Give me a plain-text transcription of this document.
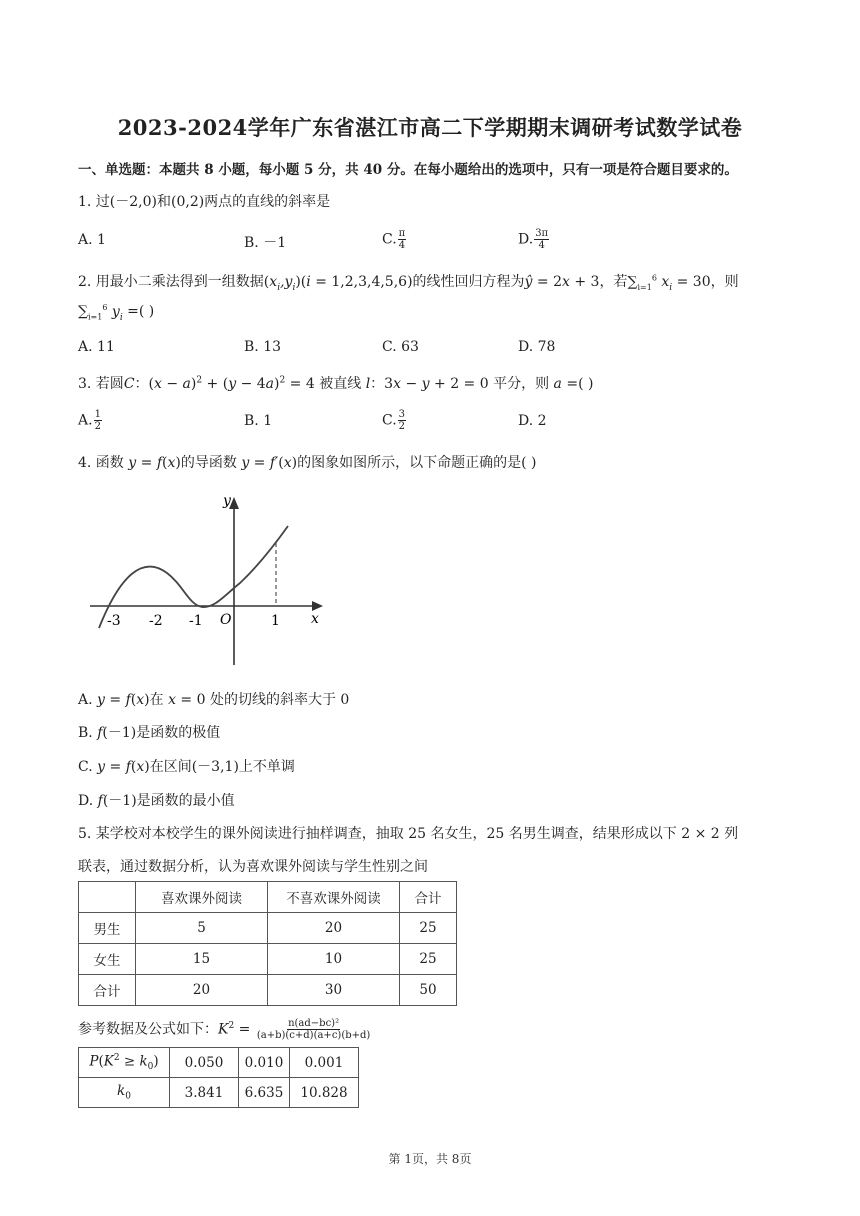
2023-2024学年广东省湛江市高二下学期期末调研考试数学试卷
一、单选题：本题共 8 小题，每小题 5 分，共 40 分。在每小题给出的选项中，只有一项是符合题目要求的。
1. 过(－2,0)和(0,2)两点的直线的斜率是
A. 1	B. －1	C. $\frac{\pi}{4}$	D. $\frac{3\pi}{4}$
2. 用最小二乘法得到一组数据$(x_i,y_i)(i = 1,2,3,4,5,6)$的线性回归方程为ŷ = 2x + 3，若$\sum_{i=1}^6$ $x_i = 30$，则
$\sum_{i=1}^6$ $y_i$ =( )
A. 11	B. 13	C. 63	D. 78
3. 若圆C：$(x - a)^2 + (y - 4a)^2 = 4$ 被直线 l：3x − y + 2 = 0 平分，则 a =( )
A. $\frac{1}{2}$	B. 1	C. $\frac{3}{2}$	D. 2
4. 函数 y = f(x)的导函数 y = f′(x)的图象如图所示，以下命题正确的是( )
y
x
O
-3 -2 -1	1
A. y = f(x)在 x = 0 处的切线的斜率大于 0
B. f(－1)是函数的极值
C. y = f(x)在区间(－3,1)上不单调
D. f(－1)是函数的最小值
5. 某学校对本校学生的课外阅读进行抽样调查，抽取 25 名女生，25 名男生调查，结果形成以下 2 × 2 列
联表，通过数据分析，认为喜欢课外阅读与学生性别之间
	喜欢课外阅读	不喜欢课外阅读	合计
男生	5	20	25
女生	15	10	25
合计	20	30	50
参考数据及公式如下：$K^2 = \frac{\text{n(ad−bc)²}}{(a+b)(c+d)(a+c)(b+d)}$
$P(K^2 \ge k_0)$	0.050	0.010	0.001
$k_0$	3.841	6.635	10.828
第 1页，共 8页
